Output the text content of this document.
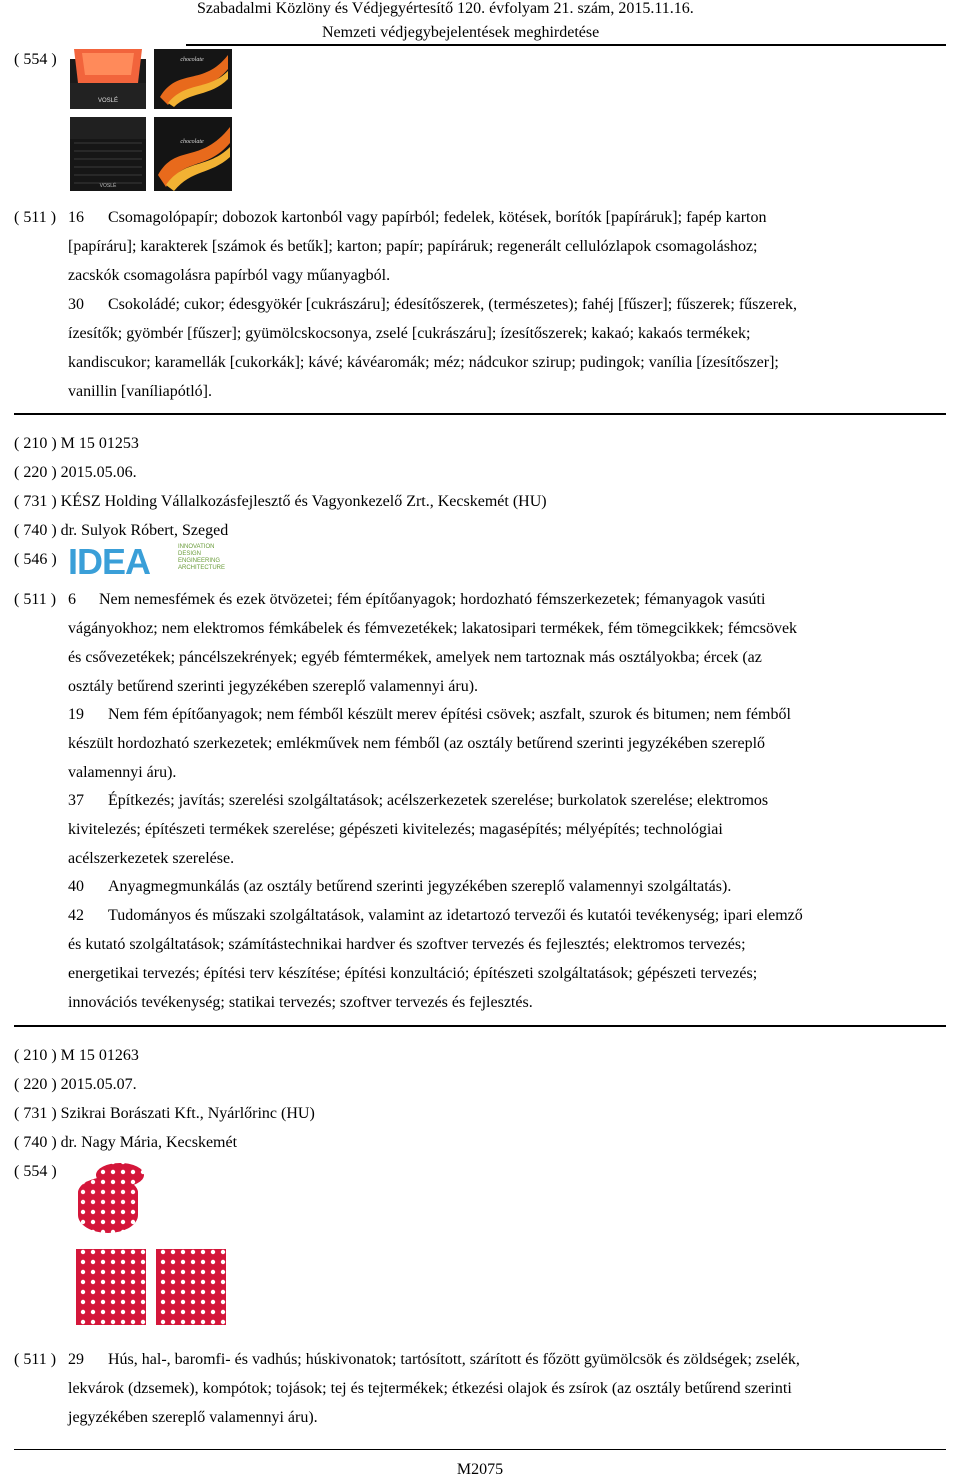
Szabadalmi Közlöny és Védjegyértesítő 120. évfolyam 21. szám, 2015.11.16.
Nemzeti védjegybejelentések meghirdetése
( 554 )
VOSLÉ
chocolate
VOSLÉ
chocolate
( 511 ) 16 Csomagolópapír; dobozok kartonból vagy papírból; fedelek, kötések, borítók [papíráruk]; fapép karton
[papíráru]; karakterek [számok és betűk]; karton; papír; papíráruk; regenerált cellulózlapok csomagoláshoz;
zacskók csomagolásra papírból vagy műanyagból.
30 Csokoládé; cukor; édesgyökér [cukrászáru]; édesítőszerek, (természetes); fahéj [fűszer]; fűszerek; fűszerek,
ízesítők; gyömbér [fűszer]; gyümölcskocsonya, zselé [cukrászáru]; ízesítőszerek; kakaó; kakaós termékek;
kandiscukor; karamellák [cukorkák]; kávé; kávéaromák; méz; nádcukor szirup; pudingok; vanília [ízesítőszer];
vanillin [vaníliapótló].
( 210 ) M 15 01253
( 220 ) 2015.05.06.
( 731 ) KÉSZ Holding Vállalkozásfejlesztő és Vagyonkezelő Zrt., Kecskemét (HU)
( 740 ) dr. Sulyok Róbert, Szeged
( 546 ) IDEA	INNOVATION
DESIGN
ENGINEERING
ARCHITECTURE
( 511 ) 6 Nem nemesfémek és ezek ötvözetei; fém építőanyagok; hordozható fémszerkezetek; fémanyagok vasúti
vágányokhoz; nem elektromos fémkábelek és fémvezetékek; lakatosipari termékek, fém tömegcikkek; fémcsövek
és csővezetékek; páncélszekrények; egyéb fémtermékek, amelyek nem tartoznak más osztályokba; ércek (az
osztály betűrend szerinti jegyzékében szereplő valamennyi áru).
19 Nem fém építőanyagok; nem fémből készült merev építési csövek; aszfalt, szurok és bitumen; nem fémből
készült hordozható szerkezetek; emlékművek nem fémből (az osztály betűrend szerinti jegyzékében szereplő
valamennyi áru).
37 Építkezés; javítás; szerelési szolgáltatások; acélszerkezetek szerelése; burkolatok szerelése; elektromos
kivitelezés; építészeti termékek szerelése; gépészeti kivitelezés; magasépítés; mélyépítés; technológiai
acélszerkezetek szerelése.
40 Anyagmegmunkálás (az osztály betűrend szerinti jegyzékében szereplő valamennyi szolgáltatás).
42 Tudományos és műszaki szolgáltatások, valamint az idetartozó tervezői és kutatói tevékenység; ipari elemző
és kutató szolgáltatások; számítástechnikai hardver és szoftver tervezés és fejlesztés; elektromos tervezés;
energetikai tervezés; építési terv készítése; építési konzultáció; építészeti szolgáltatások; gépészeti tervezés;
innovációs tevékenység; statikai tervezés; szoftver tervezés és fejlesztés.
( 210 ) M 15 01263
( 220 ) 2015.05.07.
( 731 ) Szikrai Borászati Kft., Nyárlőrinc (HU)
( 740 ) dr. Nagy Mária, Kecskemét
( 554 )
( 511 ) 29 Hús, hal-, baromfi- és vadhús; húskivonatok; tartósított, szárított és főzött gyümölcsök és zöldségek; zselék,
lekvárok (dzsemek), kompótok; tojások; tej és tejtermékek; étkezési olajok és zsírok (az osztály betűrend szerinti
jegyzékében szereplő valamennyi áru).
M2075
